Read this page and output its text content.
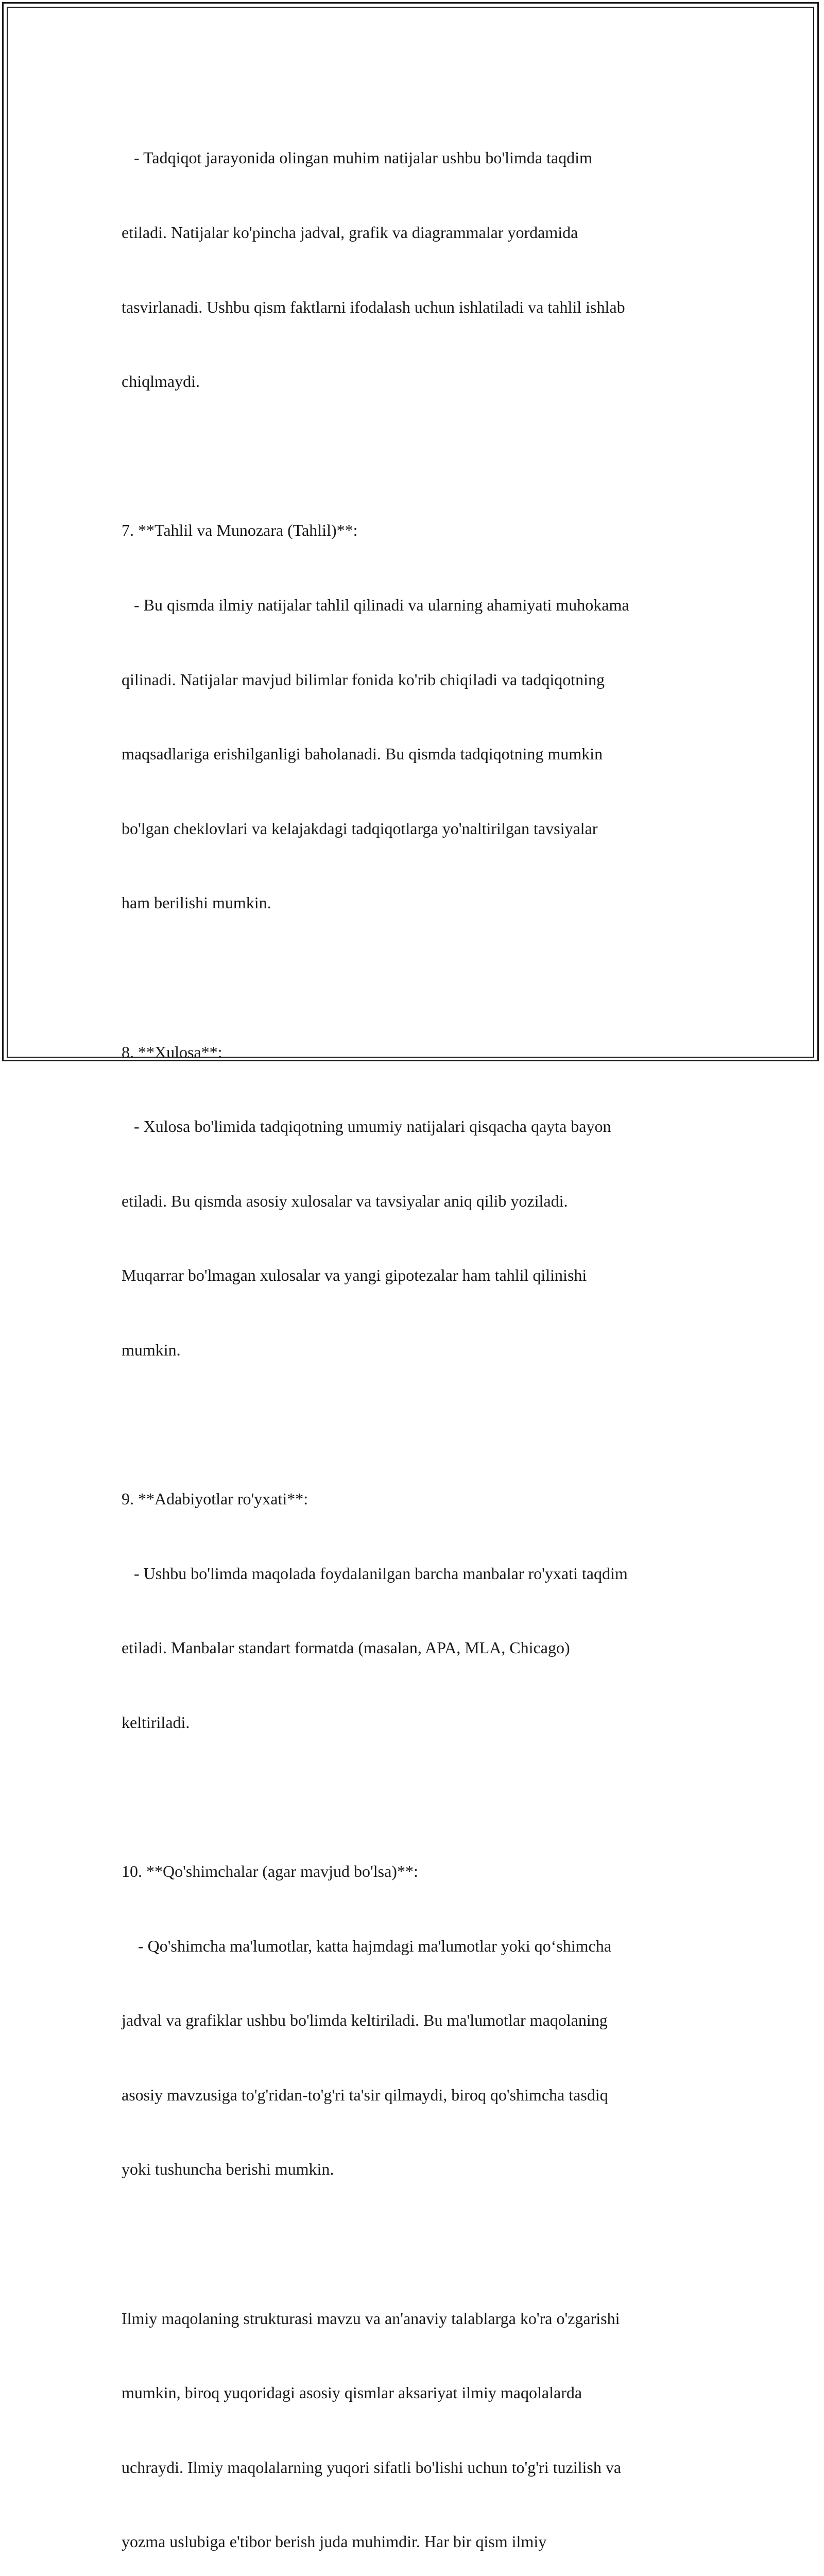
- Tadqiqot jarayonida olingan muhim natijalar ushbu bo'limda taqdim

etiladi. Natijalar ko'pincha jadval, grafik va diagrammalar yordamida

tasvirlanadi. Ushbu qism faktlarni ifodalash uchun ishlatiladi va tahlil ishlab

chiqlmaydi.

7. **Tahlil va Munozara (Tahlil)**:

- Bu qismda ilmiy natijalar tahlil qilinadi va ularning ahamiyati muhokama

qilinadi. Natijalar mavjud bilimlar fonida ko'rib chiqiladi va tadqiqotning

maqsadlariga erishilganligi baholanadi. Bu qismda tadqiqotning mumkin

bo'lgan cheklovlari va kelajakdagi tadqiqotlarga yo'naltirilgan tavsiyalar

ham berilishi mumkin.

8. **Xulosa**:

- Xulosa bo'limida tadqiqotning umumiy natijalari qisqacha qayta bayon

etiladi. Bu qismda asosiy xulosalar va tavsiyalar aniq qilib yoziladi.

Muqarrar bo'lmagan xulosalar va yangi gipotezalar ham tahlil qilinishi

mumkin.

9. **Adabiyotlar ro'yxati**:

- Ushbu bo'limda maqolada foydalanilgan barcha manbalar ro'yxati taqdim

etiladi. Manbalar standart formatda (masalan, APA, MLA, Chicago)

keltiriladi.

10. **Qo'shimchalar (agar mavjud bo'lsa)**:

- Qo'shimcha ma'lumotlar, katta hajmdagi ma'lumotlar yoki qo‘shimcha

jadval va grafiklar ushbu bo'limda keltiriladi. Bu ma'lumotlar maqolaning

asosiy mavzusiga to'g'ridan-to'g'ri ta'sir qilmaydi, biroq qo'shimcha tasdiq

yoki tushuncha berishi mumkin.

Ilmiy maqolaning strukturasi mavzu va an'anaviy talablarga ko'ra o'zgarishi

mumkin, biroq yuqoridagi asosiy qismlar aksariyat ilmiy maqolalarda

uchraydi. Ilmiy maqolalarning yuqori sifatli bo'lishi uchun to'g'ri tuzilish va

yozma uslubiga e'tibor berish juda muhimdir. Har bir qism ilmiy
